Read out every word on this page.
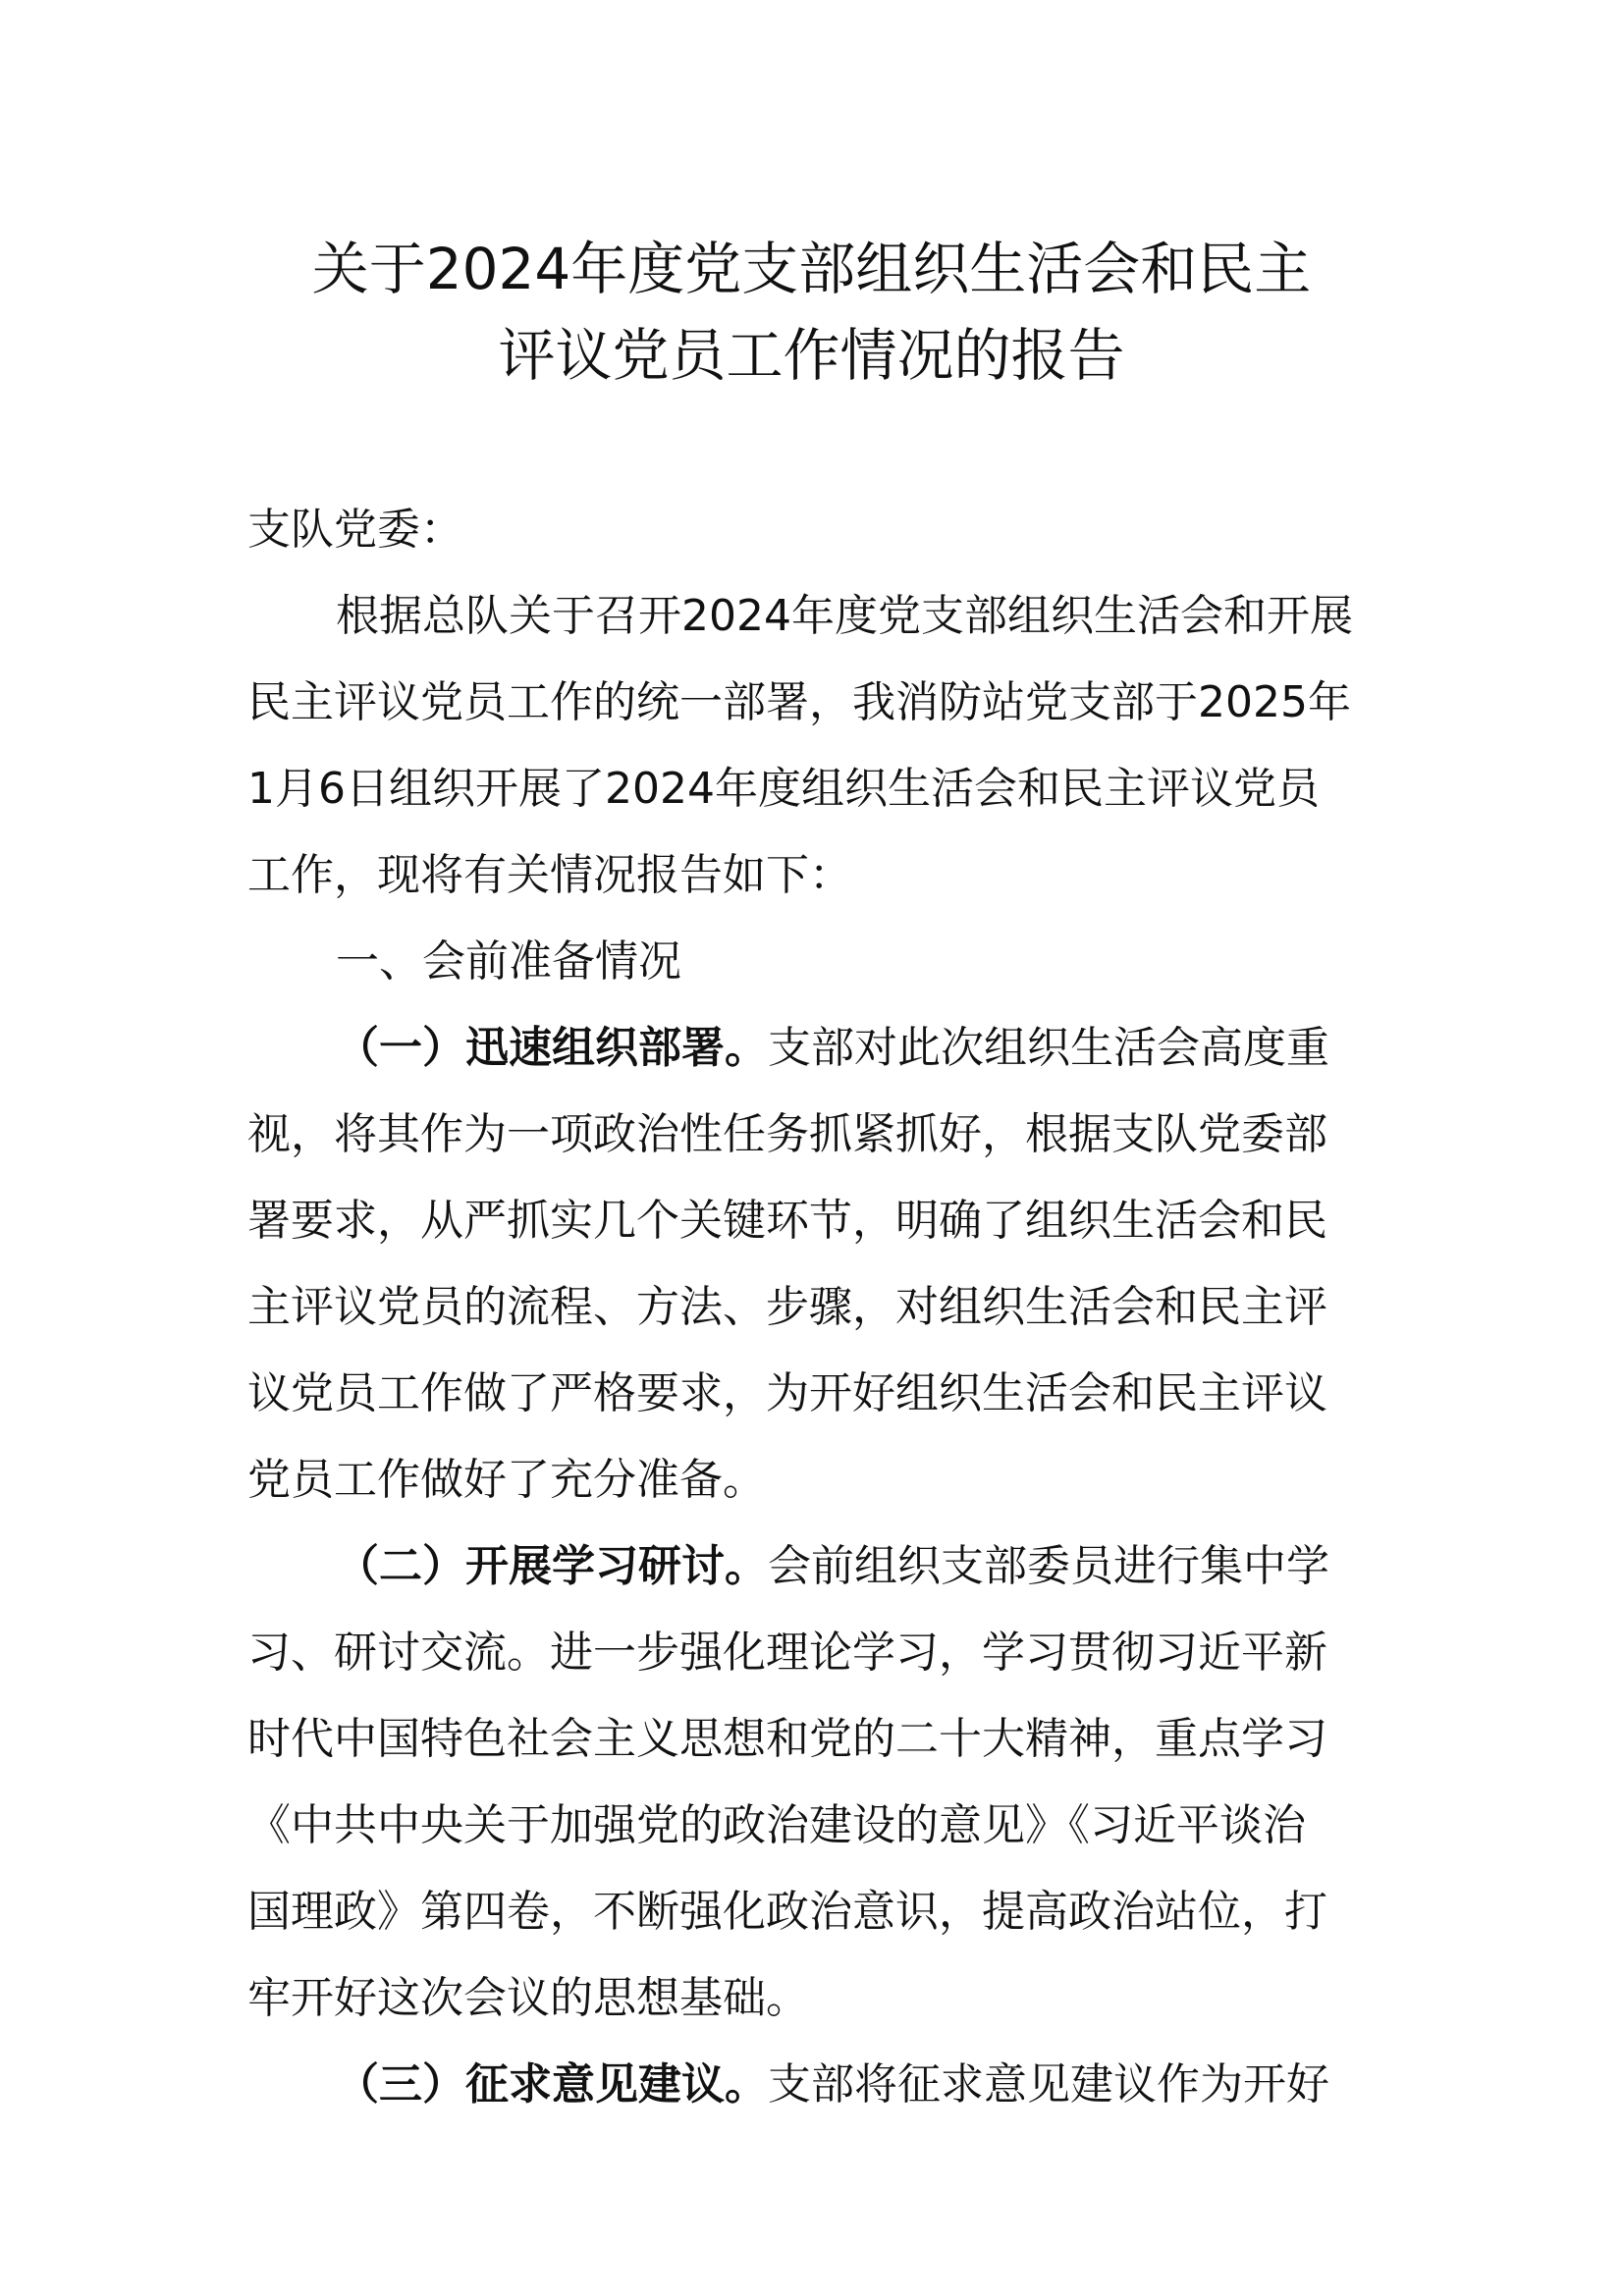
关于2024年度党支部组织生活会和民主
评议党员工作情况的报告

支队党委：

根据总队关于召开2024年度党支部组织生活会和开展

民主评议党员工作的统一部署，我消防站党支部于2025年

1月6日组织开展了2024年度组织生活会和民主评议党员

工作，现将有关情况报告如下：

一、会前准备情况

（一）迅速组织部署。支部对此次组织生活会高度重

视，将其作为一项政治性任务抓紧抓好，根据支队党委部

署要求，从严抓实几个关键环节，明确了组织生活会和民

主评议党员的流程、方法、步骤，对组织生活会和民主评

议党员工作做了严格要求，为开好组织生活会和民主评议

党员工作做好了充分准备。

（二）开展学习研讨。会前组织支部委员进行集中学

习、研讨交流。进一步强化理论学习，学习贯彻习近平新

时代中国特色社会主义思想和党的二十大精神，重点学习

《中共中央关于加强党的政治建设的意见》《习近平谈治

国理政》第四卷，不断强化政治意识，提高政治站位，打

牢开好这次会议的思想基础。

（三）征求意见建议。支部将征求意见建议作为开好
